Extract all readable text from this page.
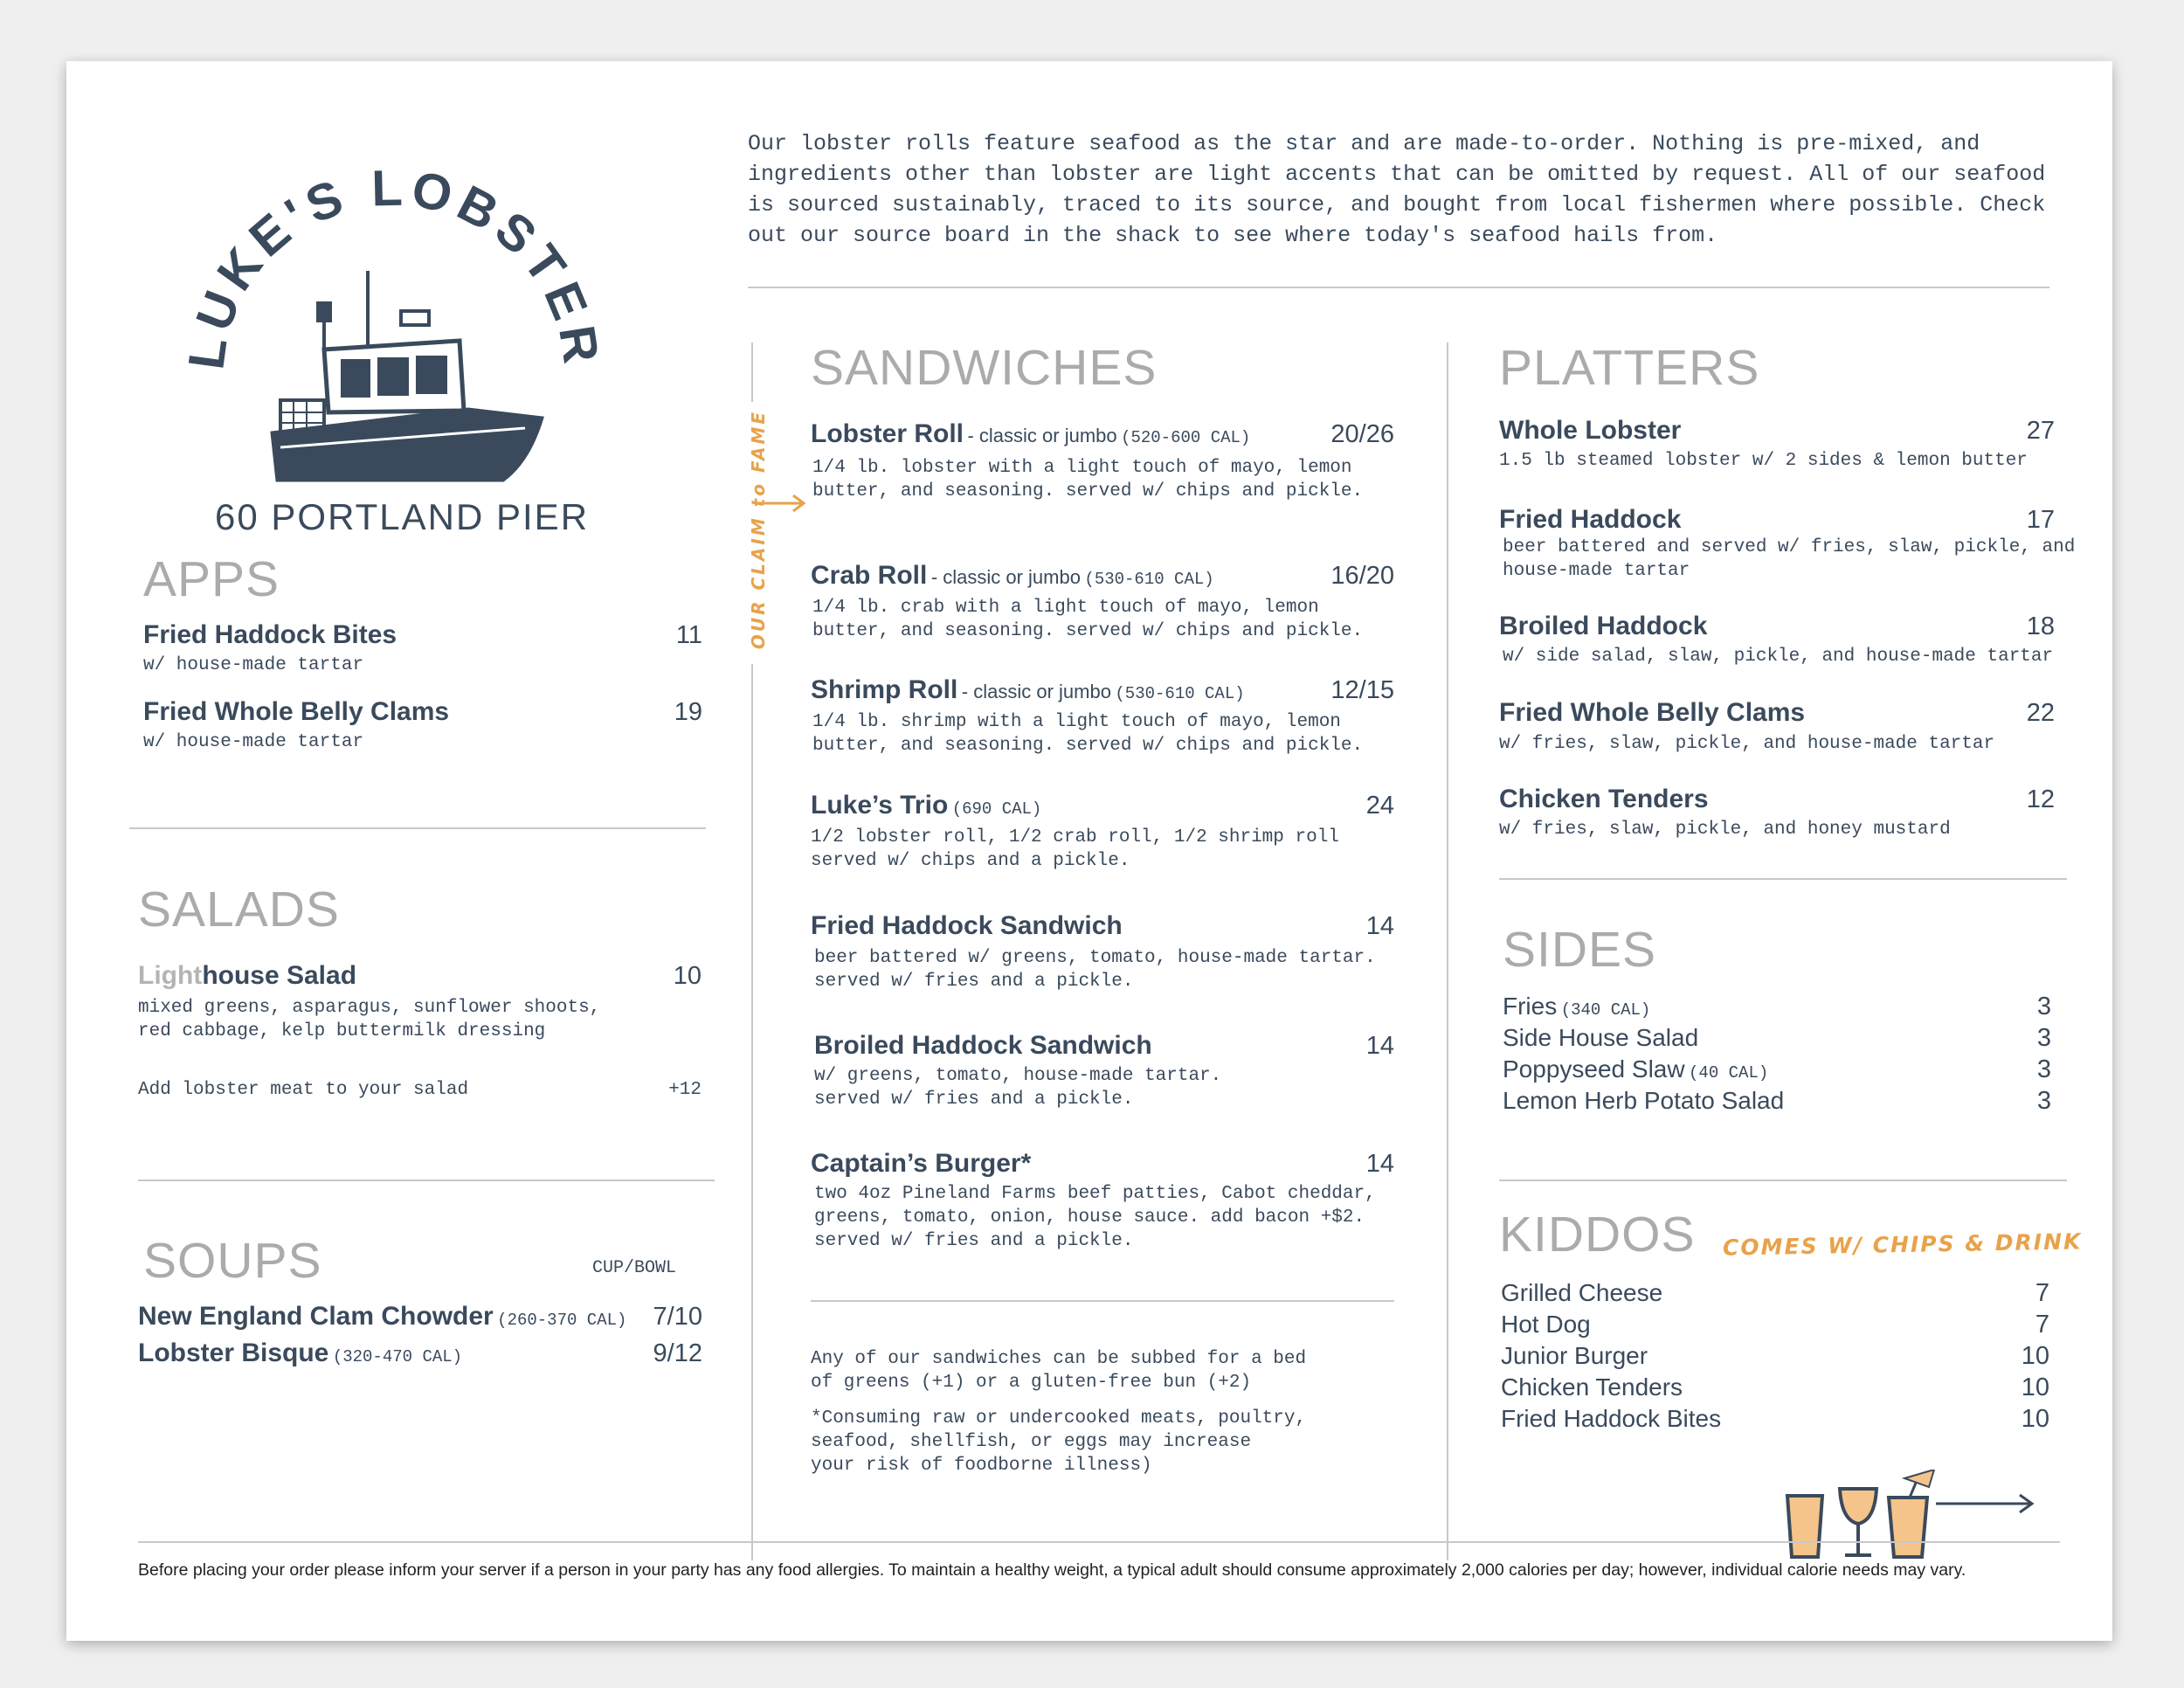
LUKE'S LOBSTER
60 PORTLAND PIER
Our lobster rolls feature seafood as the star and are made-to-order. Nothing is pre-mixed, and ingredients other than lobster are light accents that can be omitted by request. All of our seafood is sourced sustainably, traced to its source, and bought from local fishermen where possible. Check out our source board in the shack to see where today's seafood hails from.
APPS
Fried Haddock Bites	11
w/ house-made tartar
Fried Whole Belly Clams	19
w/ house-made tartar
SALADS
Lighthouse Salad	10
mixed greens, asparagus, sunflower shoots,
red cabbage, kelp buttermilk dressing
Add lobster meat to your salad	+12
SOUPS	CUP/BOWL
New England Clam Chowder (260-370 CAL) 7/10
Lobster Bisque (320-470 CAL)	9/12
OUR CLAIM to FAME
SANDWICHES
Lobster Roll - classic or jumbo (520-600 CAL)	20/26
1/4 lb. lobster with a light touch of mayo, lemon
butter, and seasoning. served w/ chips and pickle.
Crab Roll - classic or jumbo (530-610 CAL)	16/20
1/4 lb. crab with a light touch of mayo, lemon
butter, and seasoning. served w/ chips and pickle.
Shrimp Roll - classic or jumbo (530-610 CAL)	12/15
1/4 lb. shrimp with a light touch of mayo, lemon
butter, and seasoning. served w/ chips and pickle.
Luke’s Trio (690 CAL)	24
1/2 lobster roll, 1/2 crab roll, 1/2 shrimp roll
served w/ chips and a pickle.
Fried Haddock Sandwich	14
beer battered w/ greens, tomato, house-made tartar.
served w/ fries and a pickle.
Broiled Haddock Sandwich	14
w/ greens, tomato, house-made tartar.
served w/ fries and a pickle.
Captain’s Burger*	14
two 4oz Pineland Farms beef patties, Cabot cheddar,
greens, tomato, onion, house sauce. add bacon +$2.
served w/ fries and a pickle.
Any of our sandwiches can be subbed for a bed
of greens (+1) or a gluten-free bun (+2)
*Consuming raw or undercooked meats, poultry,
seafood, shellfish, or eggs may increase
your risk of foodborne illness)
PLATTERS
Whole Lobster	27
1.5 lb steamed lobster w/ 2 sides & lemon butter
Fried Haddock	17
beer battered and served w/ fries, slaw, pickle, and
house-made tartar
Broiled Haddock	18
w/ side salad, slaw, pickle, and house-made tartar
Fried Whole Belly Clams	22
w/ fries, slaw, pickle, and house-made tartar
Chicken Tenders	12
w/ fries, slaw, pickle, and honey mustard
SIDES
Fries (340 CAL)	3
Side House Salad	3
Poppyseed Slaw (40 CAL)	3
Lemon Herb Potato Salad	3
KIDDOS COMES W/ CHIPS & DRINK
Grilled Cheese	7
Hot Dog	7
Junior Burger	10
Chicken Tenders	10
Fried Haddock Bites	10
Before placing your order please inform your server if a person in your party has any food allergies. To maintain a healthy weight, a typical adult should consume approximately 2,000 calories per day; however, individual calorie needs may vary.
